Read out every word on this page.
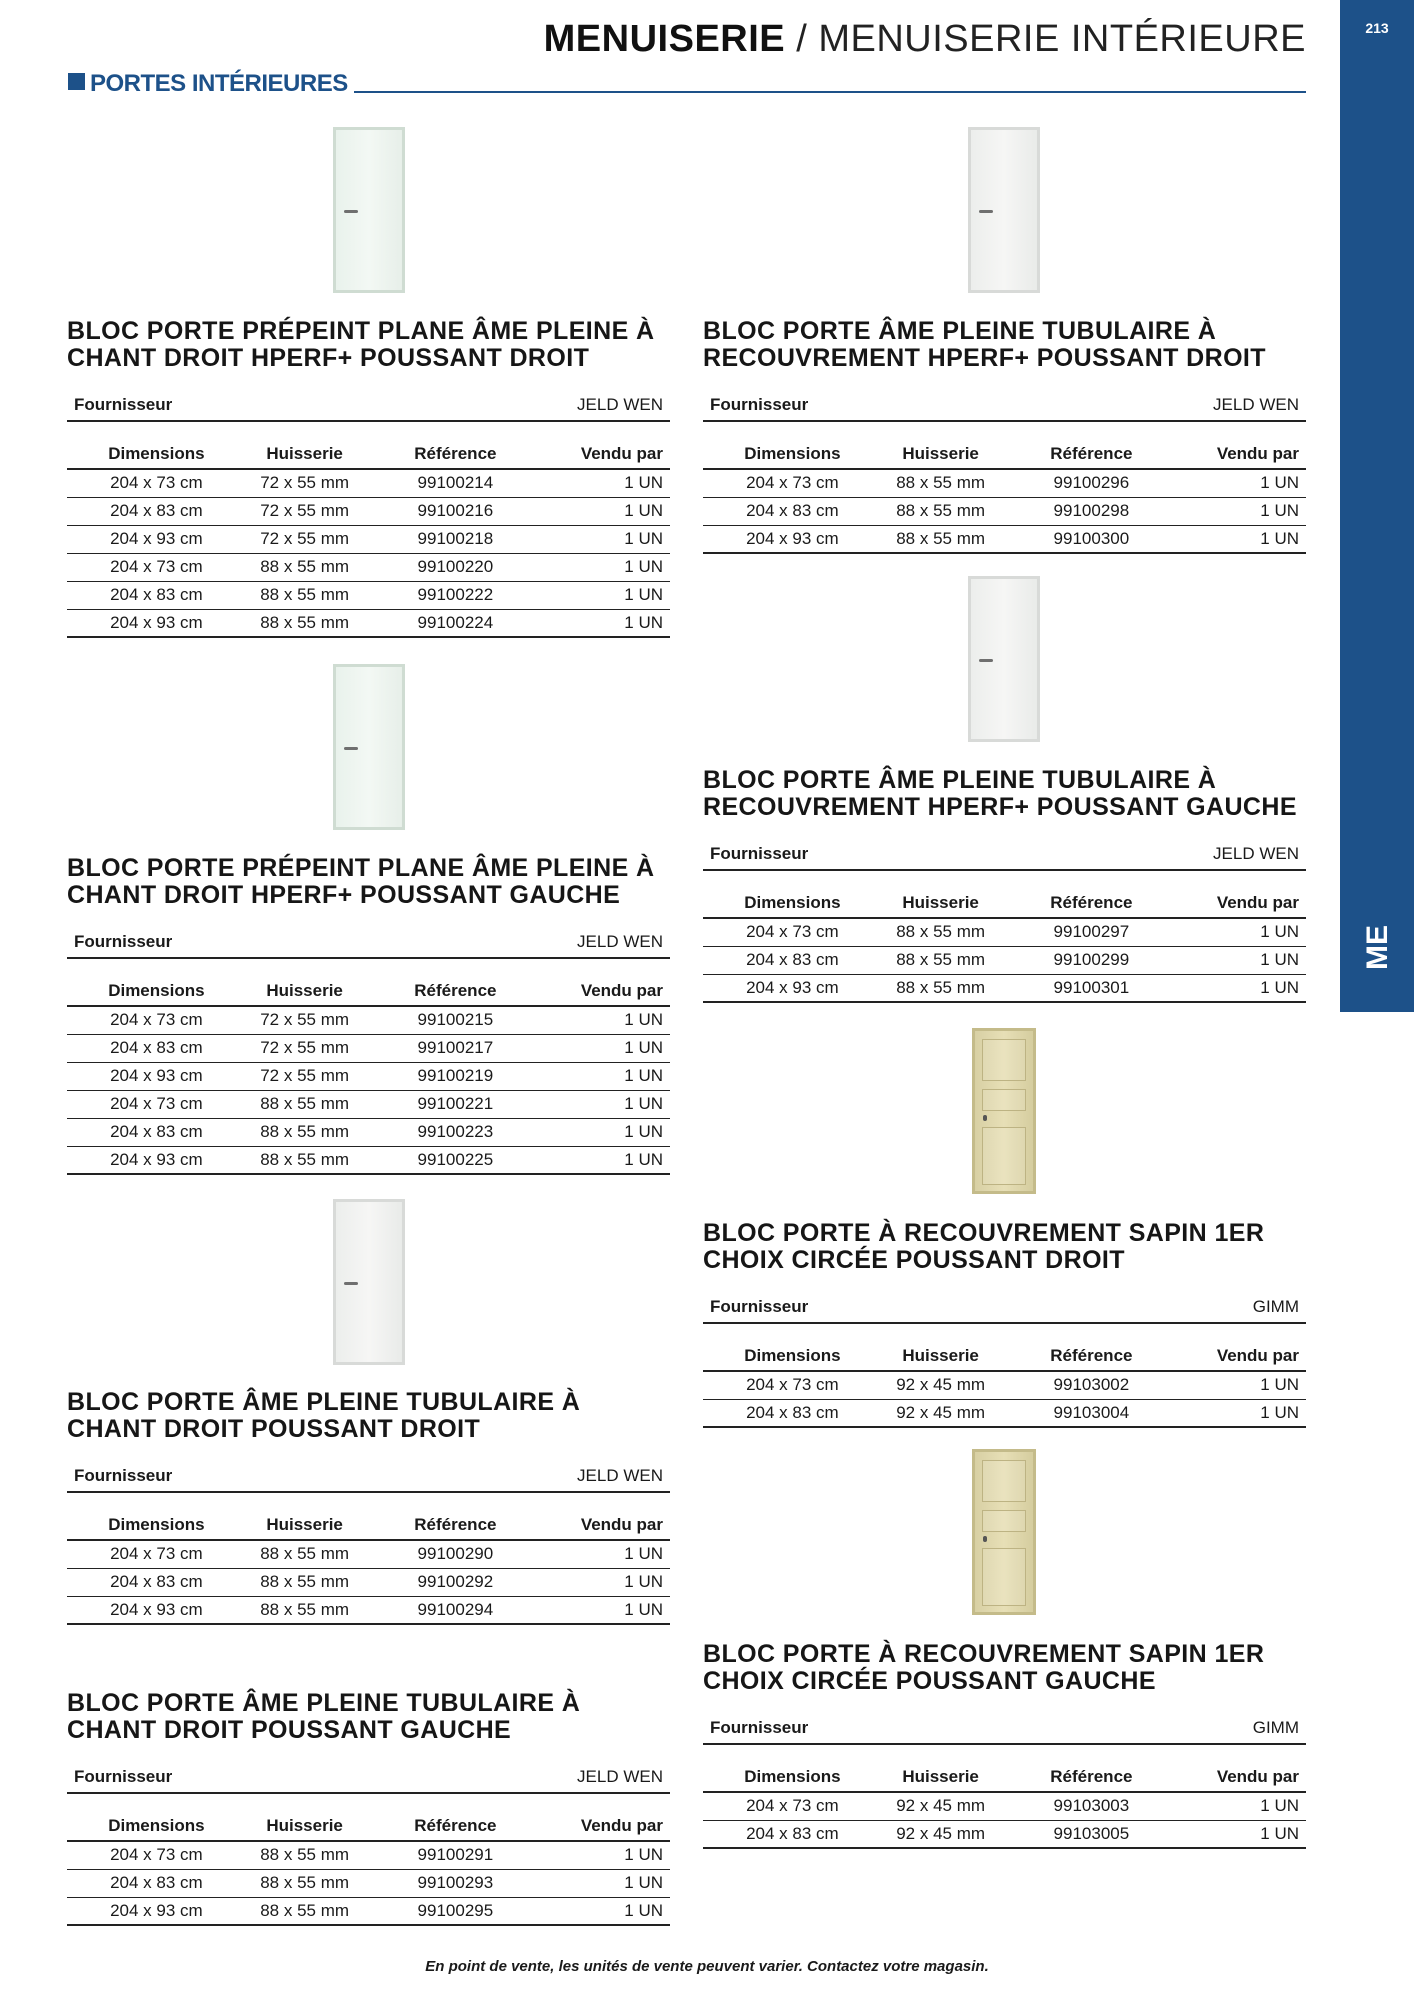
MENUISERIE / MENUISERIE INTÉRIEURE	213
ME
PORTES INTÉRIEURES
BLOC PORTE PRÉPEINT PLANE ÂME PLEINE À CHANT DROIT HPERF+ POUSSANT DROIT
Fournisseur	JELD WEN
Dimensions	Huisserie	Référence	Vendu par
204 x 73 cm	72 x 55 mm	99100214	1 UN
204 x 83 cm	72 x 55 mm	99100216	1 UN
204 x 93 cm	72 x 55 mm	99100218	1 UN
204 x 73 cm	88 x 55 mm	99100220	1 UN
204 x 83 cm	88 x 55 mm	99100222	1 UN
204 x 93 cm	88 x 55 mm	99100224	1 UN
BLOC PORTE PRÉPEINT PLANE ÂME PLEINE À CHANT DROIT HPERF+ POUSSANT GAUCHE
Fournisseur	JELD WEN
Dimensions	Huisserie	Référence	Vendu par
204 x 73 cm	72 x 55 mm	99100215	1 UN
204 x 83 cm	72 x 55 mm	99100217	1 UN
204 x 93 cm	72 x 55 mm	99100219	1 UN
204 x 73 cm	88 x 55 mm	99100221	1 UN
204 x 83 cm	88 x 55 mm	99100223	1 UN
204 x 93 cm	88 x 55 mm	99100225	1 UN
BLOC PORTE ÂME PLEINE TUBULAIRE À CHANT DROIT POUSSANT DROIT
Fournisseur	JELD WEN
Dimensions	Huisserie	Référence	Vendu par
204 x 73 cm	88 x 55 mm	99100290	1 UN
204 x 83 cm	88 x 55 mm	99100292	1 UN
204 x 93 cm	88 x 55 mm	99100294	1 UN
BLOC PORTE ÂME PLEINE TUBULAIRE À CHANT DROIT POUSSANT GAUCHE
Fournisseur	JELD WEN
Dimensions	Huisserie	Référence	Vendu par
204 x 73 cm	88 x 55 mm	99100291	1 UN
204 x 83 cm	88 x 55 mm	99100293	1 UN
204 x 93 cm	88 x 55 mm	99100295	1 UN
BLOC PORTE ÂME PLEINE TUBULAIRE À RECOUVREMENT HPERF+ POUSSANT DROIT
Fournisseur	JELD WEN
Dimensions	Huisserie	Référence	Vendu par
204 x 73 cm	88 x 55 mm	99100296	1 UN
204 x 83 cm	88 x 55 mm	99100298	1 UN
204 x 93 cm	88 x 55 mm	99100300	1 UN
BLOC PORTE ÂME PLEINE TUBULAIRE À RECOUVREMENT HPERF+ POUSSANT GAUCHE
Fournisseur	JELD WEN
Dimensions	Huisserie	Référence	Vendu par
204 x 73 cm	88 x 55 mm	99100297	1 UN
204 x 83 cm	88 x 55 mm	99100299	1 UN
204 x 93 cm	88 x 55 mm	99100301	1 UN
BLOC PORTE À RECOUVREMENT SAPIN 1ER CHOIX CIRCÉE POUSSANT DROIT
Fournisseur	GIMM
Dimensions	Huisserie	Référence	Vendu par
204 x 73 cm	92 x 45 mm	99103002	1 UN
204 x 83 cm	92 x 45 mm	99103004	1 UN
BLOC PORTE À RECOUVREMENT SAPIN 1ER CHOIX CIRCÉE POUSSANT GAUCHE
Fournisseur	GIMM
Dimensions	Huisserie	Référence	Vendu par
204 x 73 cm	92 x 45 mm	99103003	1 UN
204 x 83 cm	92 x 45 mm	99103005	1 UN
En point de vente, les unités de vente peuvent varier. Contactez votre magasin.
